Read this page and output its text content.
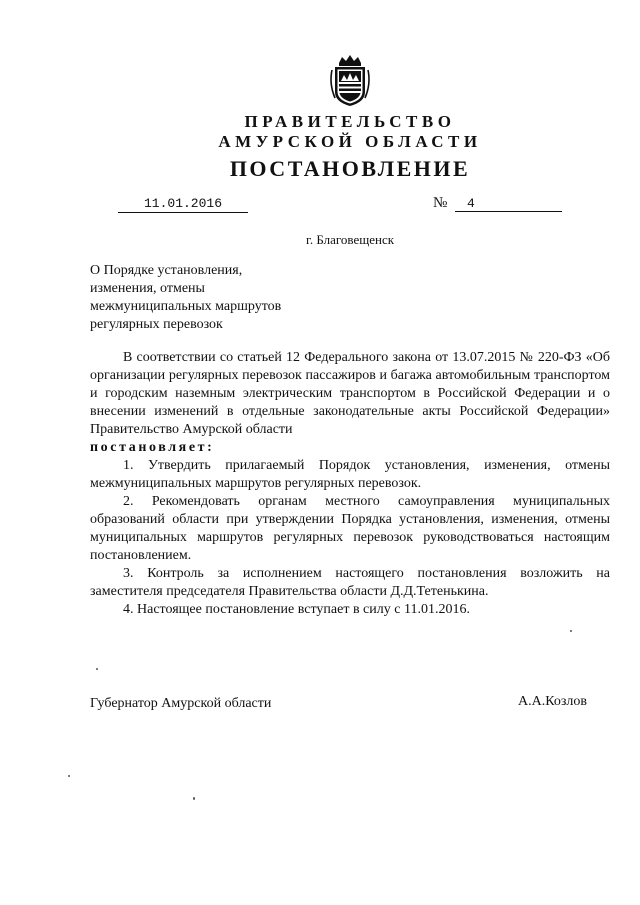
ПРАВИТЕЛЬСТВО
АМУРСКОЙ ОБЛАСТИ
ПОСТАНОВЛЕНИЕ
11.01.2016	№	4
г. Благовещенск
О Порядке установления,
изменения, отмены
межмуниципальных маршрутов
регулярных перевозок

В соответствии со статьей 12 Федерального закона от 13.07.2015 № 220-ФЗ «Об организации регулярных перевозок пассажиров и багажа автомобильным транспортом и городским наземным электрическим транспортом в Российской Федерации и о внесении изменений в отдельные законодательные акты Российской Федерации» Правительство Амурской области

постановляет:

1. Утвердить прилагаемый Порядок установления, изменения, отмены межмуниципальных маршрутов регулярных перевозок.

2. Рекомендовать органам местного самоуправления муниципальных образований области при утверждении Порядка установления, изменения, отмены муниципальных маршрутов регулярных перевозок руководствоваться настоящим постановлением.

3. Контроль за исполнением настоящего постановления возложить на заместителя председателя Правительства области Д.Д.Тетенькина.

4. Настоящее постановление вступает в силу с 11.01.2016.

Губернатор Амурской области	А.А.Козлов
